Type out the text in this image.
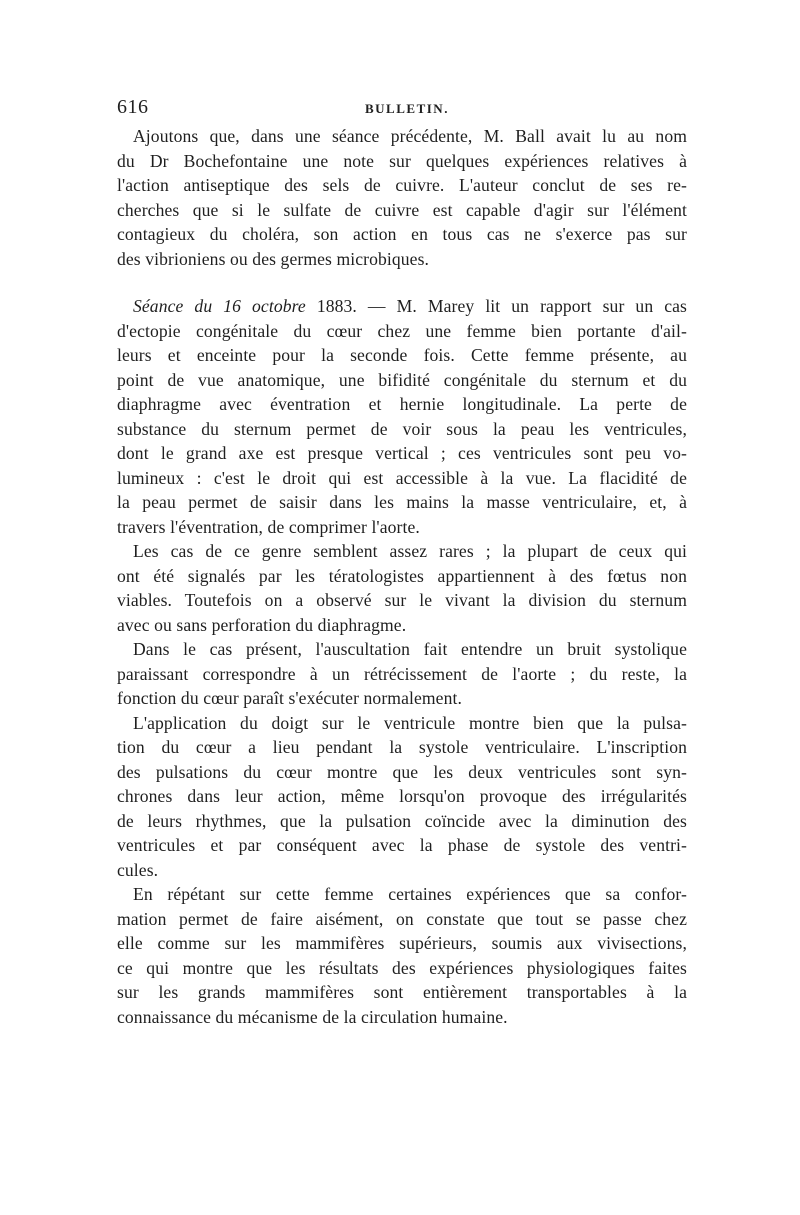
616	BULLETIN.
Ajoutons que, dans une séance précédente, M. Ball avait lu au nom
du Dr Bochefontaine une note sur quelques expériences relatives à
l'action antiseptique des sels de cuivre. L'auteur conclut de ses re-
cherches que si le sulfate de cuivre est capable d'agir sur l'élément
contagieux du choléra, son action en tous cas ne s'exerce pas sur
des vibrioniens ou des germes microbiques.
Séance du 16 octobre 1883. — M. Marey lit un rapport sur un cas
d'ectopie congénitale du cœur chez une femme bien portante d'ail-
leurs et enceinte pour la seconde fois. Cette femme présente, au
point de vue anatomique, une bifidité congénitale du sternum et du
diaphragme avec éventration et hernie longitudinale. La perte de
substance du sternum permet de voir sous la peau les ventricules,
dont le grand axe est presque vertical ; ces ventricules sont peu vo-
lumineux : c'est le droit qui est accessible à la vue. La flacidité de
la peau permet de saisir dans les mains la masse ventriculaire, et, à
travers l'éventration, de comprimer l'aorte.
Les cas de ce genre semblent assez rares ; la plupart de ceux qui
ont été signalés par les tératologistes appartiennent à des fœtus non
viables. Toutefois on a observé sur le vivant la division du sternum
avec ou sans perforation du diaphragme.
Dans le cas présent, l'auscultation fait entendre un bruit systolique
paraissant correspondre à un rétrécissement de l'aorte ; du reste, la
fonction du cœur paraît s'exécuter normalement.
L'application du doigt sur le ventricule montre bien que la pulsa-
tion du cœur a lieu pendant la systole ventriculaire. L'inscription
des pulsations du cœur montre que les deux ventricules sont syn-
chrones dans leur action, même lorsqu'on provoque des irrégularités
de leurs rhythmes, que la pulsation coïncide avec la diminution des
ventricules et par conséquent avec la phase de systole des ventri-
cules.
En répétant sur cette femme certaines expériences que sa confor-
mation permet de faire aisément, on constate que tout se passe chez
elle comme sur les mammifères supérieurs, soumis aux vivisections,
ce qui montre que les résultats des expériences physiologiques faites
sur les grands mammifères sont entièrement transportables à la
connaissance du mécanisme de la circulation humaine.
